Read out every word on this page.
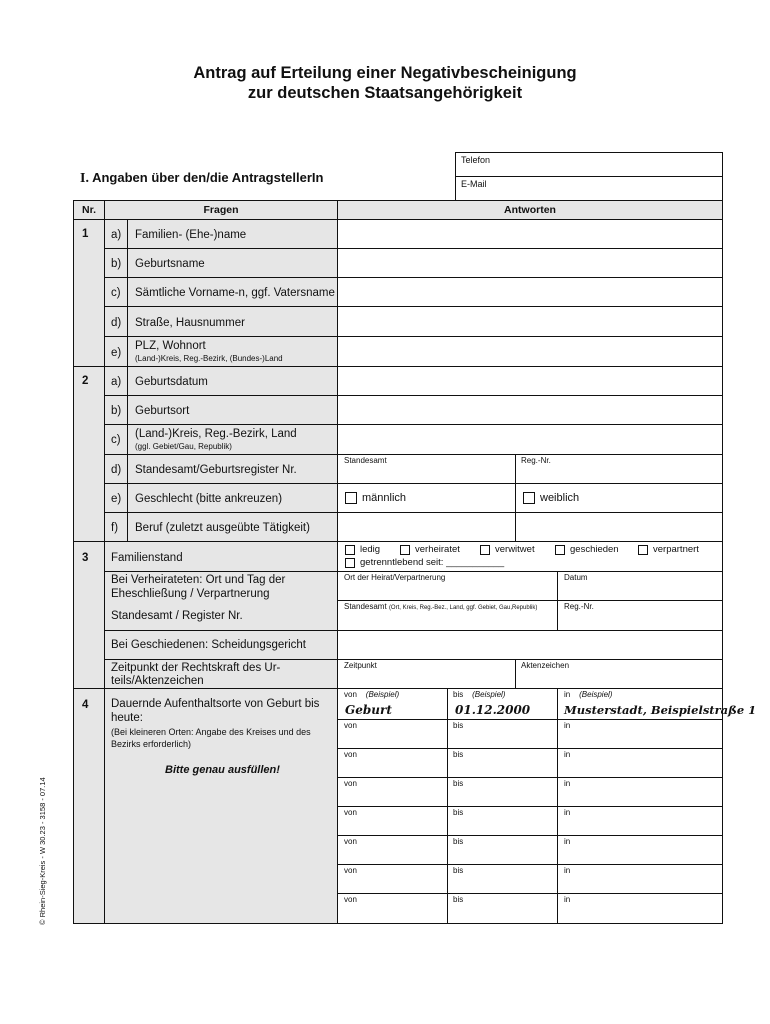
Antrag auf Erteilung einer Negativbescheinigung
zur deutschen Staatsangehörigkeit
I. Angaben über den/die AntragstellerIn
Telefon
E-Mail
Nr.	Fragen	Antworten
1 a) Familien- (Ehe-)name
b) Geburtsname
c) Sämtliche Vorname-n, ggf. Vatersname
d) Straße, Hausnummer
e)
PLZ, Wohnort
(Land-)Kreis, Reg.-Bezirk, (Bundes-)Land
2 a) Geburtsdatum
b) Geburtsort
c) (Land-)Kreis, Reg.-Bezirk, Land
(ggl. Gebiet/Gau, Republik)
d) Standesamt/Geburtsregister Nr.
Standesamt	Reg.-Nr.
e) Geschlecht (bitte ankreuzen)	männlich	weiblich
f) Beruf (zuletzt ausgeübte Tätigkeit)
3 Familienstand
ledig	verheiratet	verwitwet	geschieden	verpartnert
getrenntlebend seit: ___________
Bei Verheirateten: Ort und Tag der
Eheschließung / Verpartnerung
Ort der Heirat/Verpartnerung	Datum
Standesamt / Register Nr.
Standesamt (Ort, Kreis, Reg.-Bez., Land, ggf. Gebiet, Gau,Republik)	Reg.-Nr.
Bei Geschiedenen: Scheidungsgericht
Zeitpunkt der Rechtskraft des Ur-
teils/Aktenzeichen
Zeitpunkt	Aktenzeichen
4 Dauernde Aufenthaltsorte von Geburt bis
heute:
(Bei kleineren Orten: Angabe des Kreises und des
Bezirks erforderlich)
Bitte genau ausfüllen!
von (Beispiel)	bis (Beispiel)	in (Beispiel)
Geburt	01.12.2000	Musterstadt, Beispielstraße 1
von	bis	in
von	bis	in
von	bis	in
von	bis	in
von	bis	in
von	bis	in
von	bis	in
© Rhein-Sieg-Kreis - W 30.23 - 3158 - 07.14
